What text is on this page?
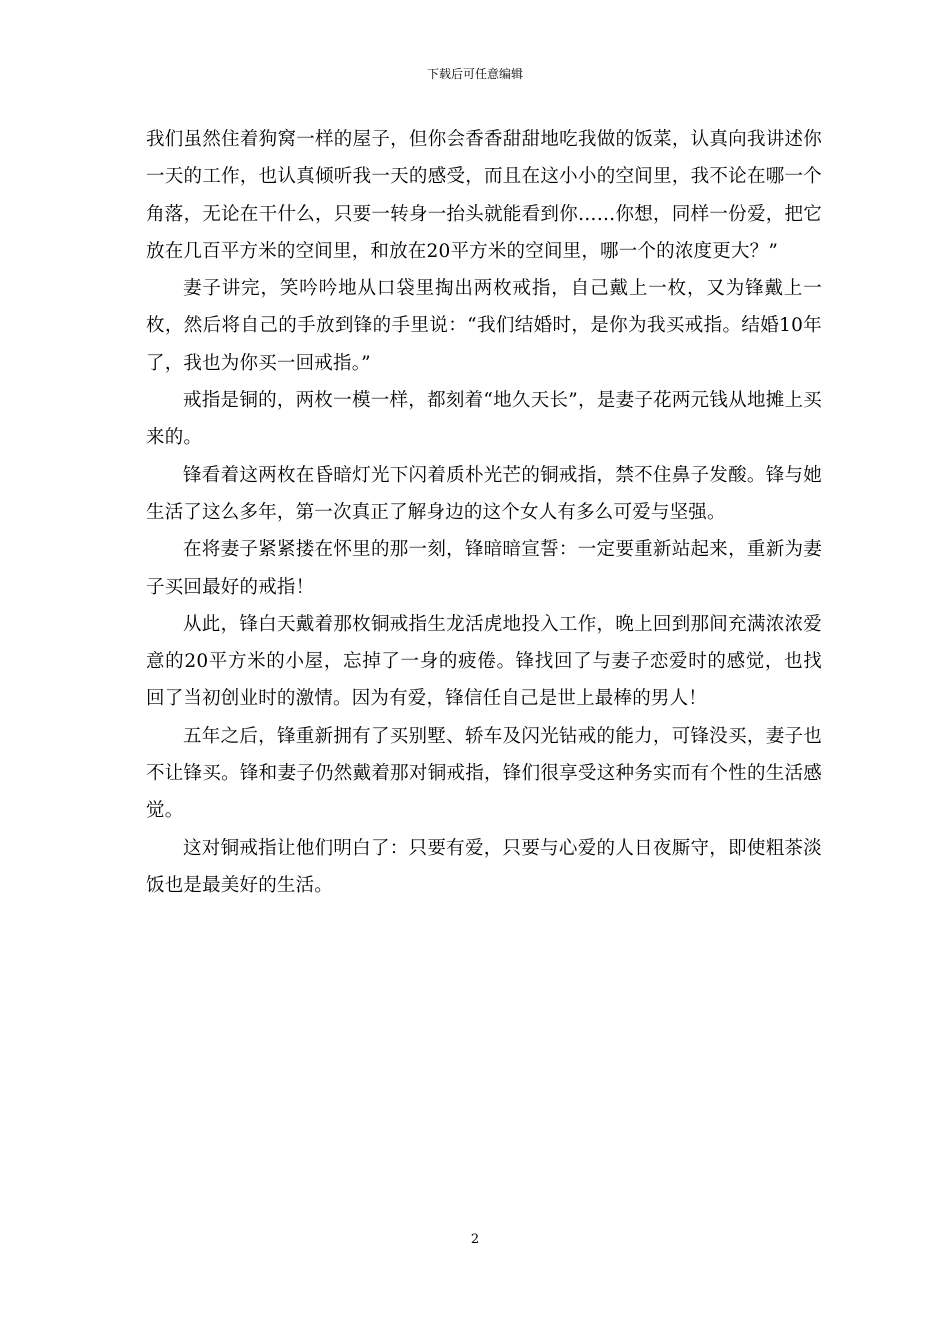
下载后可任意编辑

我们虽然住着狗窝一样的屋子，但你会香香甜甜地吃我做的饭菜，认真向我讲述你一天的工作，也认真倾听我一天的感受，而且在这小小的空间里，我不论在哪一个角落，无论在干什么，只要一转身一抬头就能看到你……你想，同样一份爱，把它放在几百平方米的空间里，和放在20平方米的空间里，哪一个的浓度更大？”

妻子讲完，笑吟吟地从口袋里掏出两枚戒指，自己戴上一枚，又为锋戴上一枚，然后将自己的手放到锋的手里说：“我们结婚时，是你为我买戒指。结婚10年了，我也为你买一回戒指。”

戒指是铜的，两枚一模一样，都刻着“地久天长”，是妻子花两元钱从地摊上买来的。

锋看着这两枚在昏暗灯光下闪着质朴光芒的铜戒指，禁不住鼻子发酸。锋与她生活了这么多年，第一次真正了解身边的这个女人有多么可爱与坚强。

在将妻子紧紧搂在怀里的那一刻，锋暗暗宣誓：一定要重新站起来，重新为妻子买回最好的戒指！

从此，锋白天戴着那枚铜戒指生龙活虎地投入工作，晚上回到那间充满浓浓爱意的20平方米的小屋，忘掉了一身的疲倦。锋找回了与妻子恋爱时的感觉，也找回了当初创业时的激情。因为有爱，锋信任自己是世上最棒的男人！

五年之后，锋重新拥有了买别墅、轿车及闪光钻戒的能力，可锋没买，妻子也不让锋买。锋和妻子仍然戴着那对铜戒指，锋们很享受这种务实而有个性的生活感觉。

这对铜戒指让他们明白了：只要有爱，只要与心爱的人日夜厮守，即使粗茶淡饭也是最美好的生活。

2
